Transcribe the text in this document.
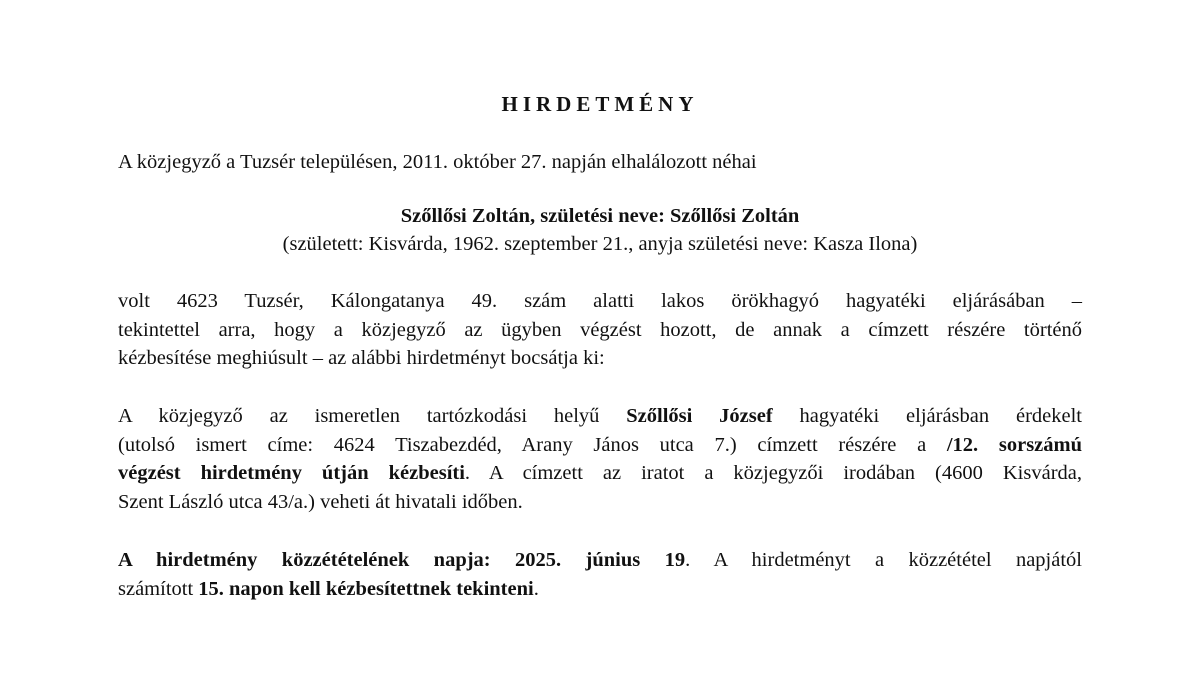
HIRDETMÉNY
A közjegyző a Tuzsér településen, 2011. október 27. napján elhalálozott néhai
Szőllősi Zoltán, születési neve: Szőllősi Zoltán
(született: Kisvárda, 1962. szeptember 21., anyja születési neve: Kasza Ilona)
volt 4623 Tuzsér, Kálongatanya 49. szám alatti lakos örökhagyó hagyatéki eljárásában –
tekintettel arra, hogy a közjegyző az ügyben végzést hozott, de annak a címzett részére történő
kézbesítése meghiúsult – az alábbi hirdetményt bocsátja ki:
A közjegyző az ismeretlen tartózkodási helyű Szőllősi József hagyatéki eljárásban érdekelt
(utolsó ismert címe: 4624 Tiszabezdéd, Arany János utca 7.) címzett részére a /12. sorszámú
végzést hirdetmény útján kézbesíti. A címzett az iratot a közjegyzői irodában (4600 Kisvárda,
Szent László utca 43/a.) veheti át hivatali időben.
A hirdetmény közzétételének napja: 2025. június 19. A hirdetményt a közzététel napjától
számított 15. napon kell kézbesítettnek tekinteni.
